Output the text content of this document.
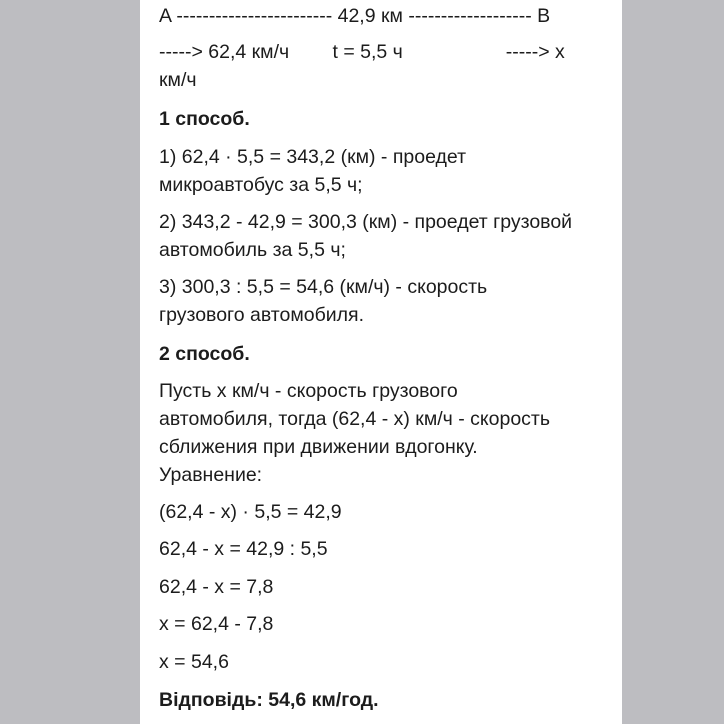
A ------------------------ 42,9 км ------------------- B
-----> 62,4 км/ч        t = 5,5 ч                   -----> x
км/ч
1 способ.
1) 62,4 · 5,5 = 343,2 (км) - проедет
микроавтобус за 5,5 ч;
2) 343,2 - 42,9 = 300,3 (км) - проедет грузовой
автомобиль за 5,5 ч;
3) 300,3 : 5,5 = 54,6 (км/ч) - скорость
грузового автомобиля.
2 способ.
Пусть x км/ч - скорость грузового
автомобиля, тогда (62,4 - x) км/ч - скорость
сближения при движении вдогонку.
Уравнение:
(62,4 - x) · 5,5 = 42,9
62,4 - x = 42,9 : 5,5
62,4 - x = 7,8
x = 62,4 - 7,8
x = 54,6
Відповідь: 54,6 км/год.
